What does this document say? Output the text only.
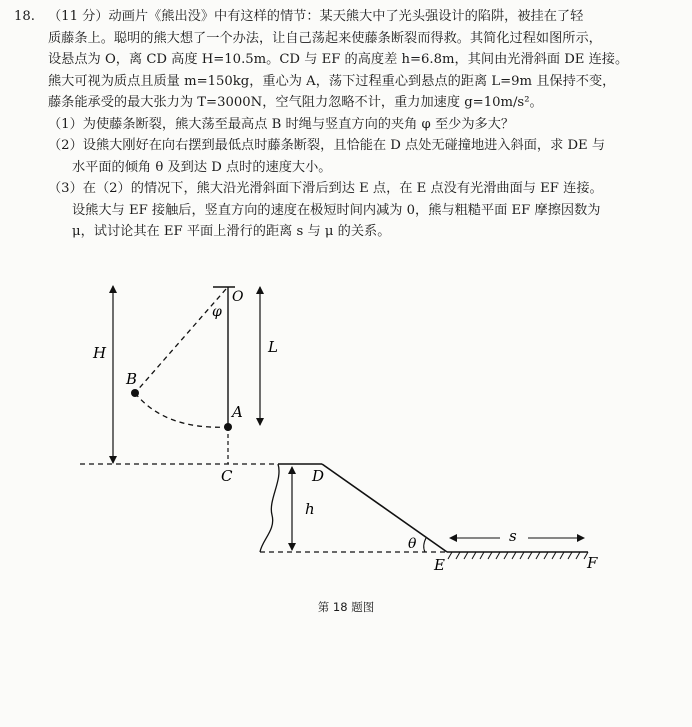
18. （11 分）动画片《熊出没》中有这样的情节：某天熊大中了光头强设计的陷阱，被挂在了轻
质藤条上。聪明的熊大想了一个办法，让自己荡起来使藤条断裂而得救。其简化过程如图所示，
设悬点为 O，离 CD 高度 H=10.5m。CD 与 EF 的高度差 h=6.8m，其间由光滑斜面 DE 连接。
熊大可视为质点且质量 m=150kg，重心为 A，荡下过程重心到悬点的距离 L=9m 且保持不变，
藤条能承受的最大张力为 T=3000N，空气阻力忽略不计，重力加速度 g=10m/s²。
（1）为使藤条断裂，熊大荡至最高点 B 时绳与竖直方向的夹角 φ 至少为多大？
（2）设熊大刚好在向右摆到最低点时藤条断裂，且恰能在 D 点处无碰撞地进入斜面，求 DE 与
水平面的倾角 θ 及到达 D 点时的速度大小。
（3）在（2）的情况下，熊大沿光滑斜面下滑后到达 E 点，在 E 点没有光滑曲面与 EF 连接。
设熊大与 EF 接触后，竖直方向的速度在极短时间内减为 0，熊与粗糙平面 EF 摩擦因数为
μ，试讨论其在 EF 平面上滑行的距离 s 与 μ 的关系。
O
φ
L
H
B
A
C	D
h
θ
E	F
s
第 18 题图
